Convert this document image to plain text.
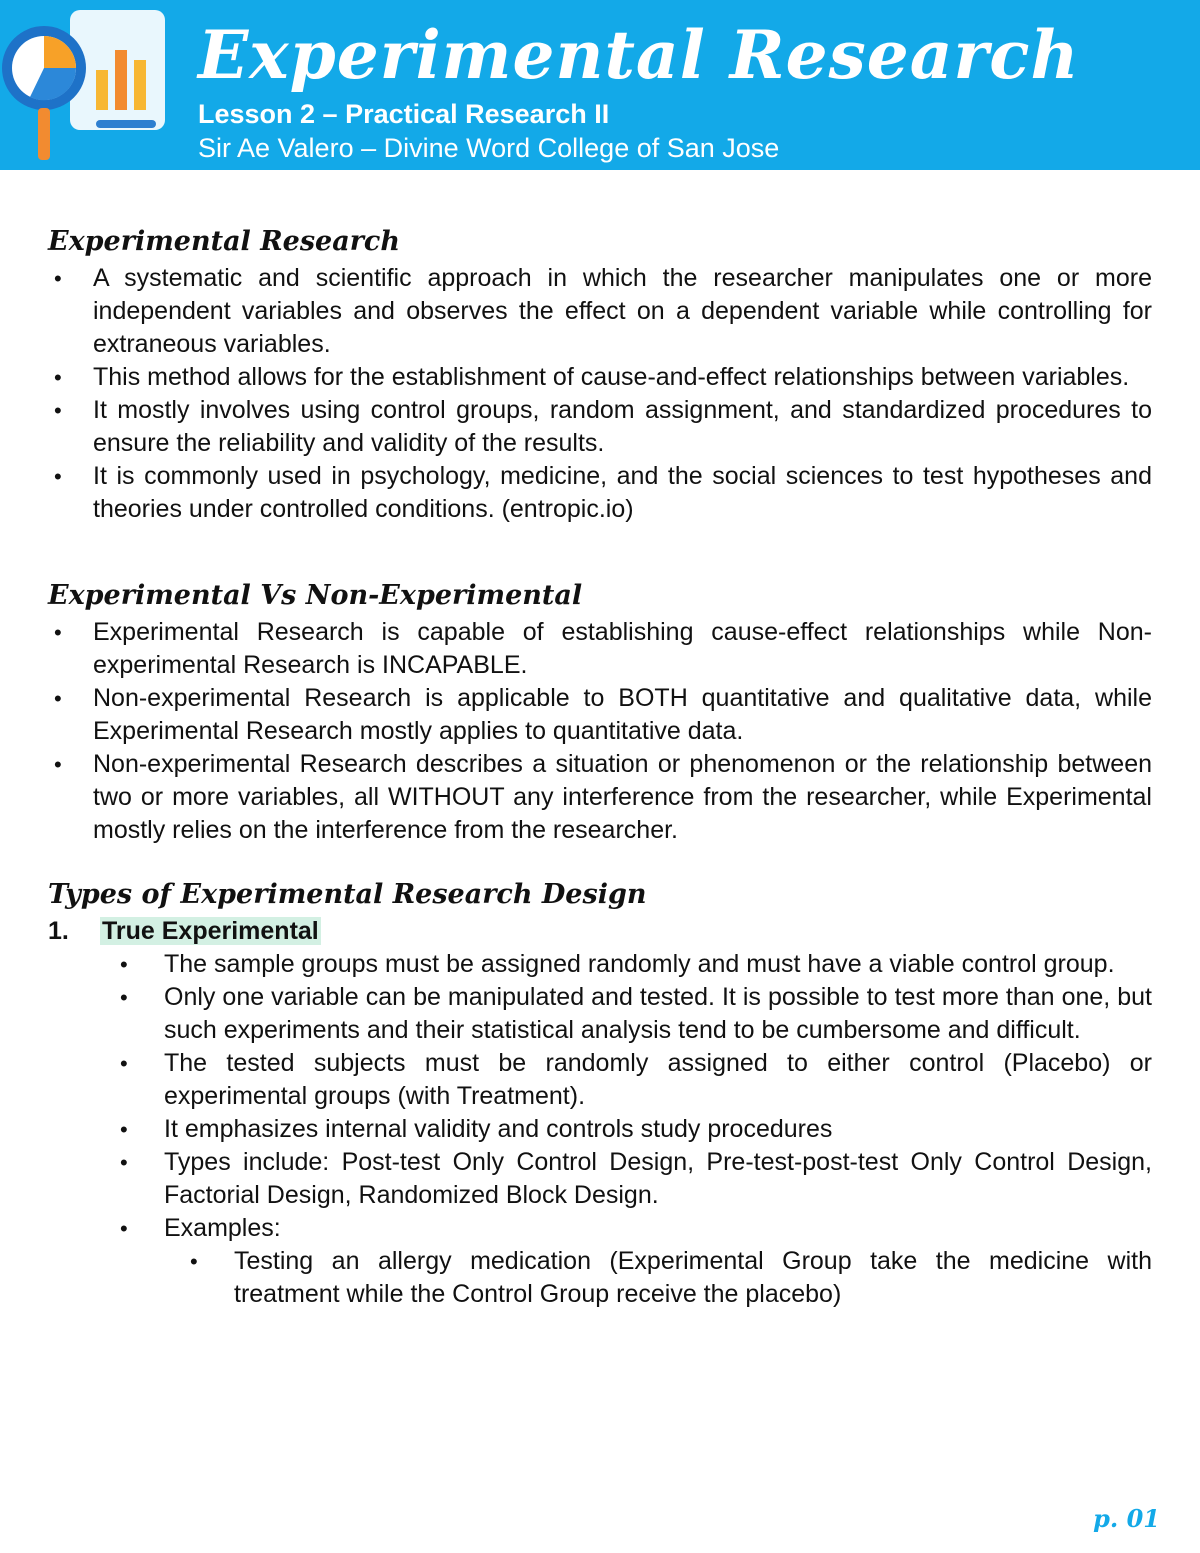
Experimental Research
Lesson 2 – Practical Research II
Sir Ae Valero – Divine Word College of San Jose
Experimental Research
• A systematic and scientific approach in which the researcher manipulates one or more independent variables and observes the effect on a dependent variable while controlling for extraneous variables.
• This method allows for the establishment of cause-and-effect relationships between variables.
• It mostly involves using control groups, random assignment, and standardized procedures to ensure the reliability and validity of the results.
• It is commonly used in psychology, medicine, and the social sciences to test hypotheses and theories under controlled conditions. (entropic.io)
Experimental Vs Non-Experimental
• Experimental Research is capable of establishing cause-effect relationships while Non-experimental Research is INCAPABLE.
• Non-experimental Research is applicable to BOTH quantitative and qualitative data, while Experimental Research mostly applies to quantitative data.
• Non-experimental Research describes a situation or phenomenon or the relationship between two or more variables, all WITHOUT any interference from the researcher, while Experimental mostly relies on the interference from the researcher.
Types of Experimental Research Design
1. True Experimental
• The sample groups must be assigned randomly and must have a viable control group.
• Only one variable can be manipulated and tested. It is possible to test more than one, but such experiments and their statistical analysis tend to be cumbersome and difficult.
• The tested subjects must be randomly assigned to either control (Placebo) or experimental groups (with Treatment).
• It emphasizes internal validity and controls study procedures
• Types include: Post-test Only Control Design, Pre-test-post-test Only Control Design, Factorial Design, Randomized Block Design.
• Examples:
• Testing an allergy medication (Experimental Group take the medicine with treatment while the Control Group receive the placebo)
p. 01
